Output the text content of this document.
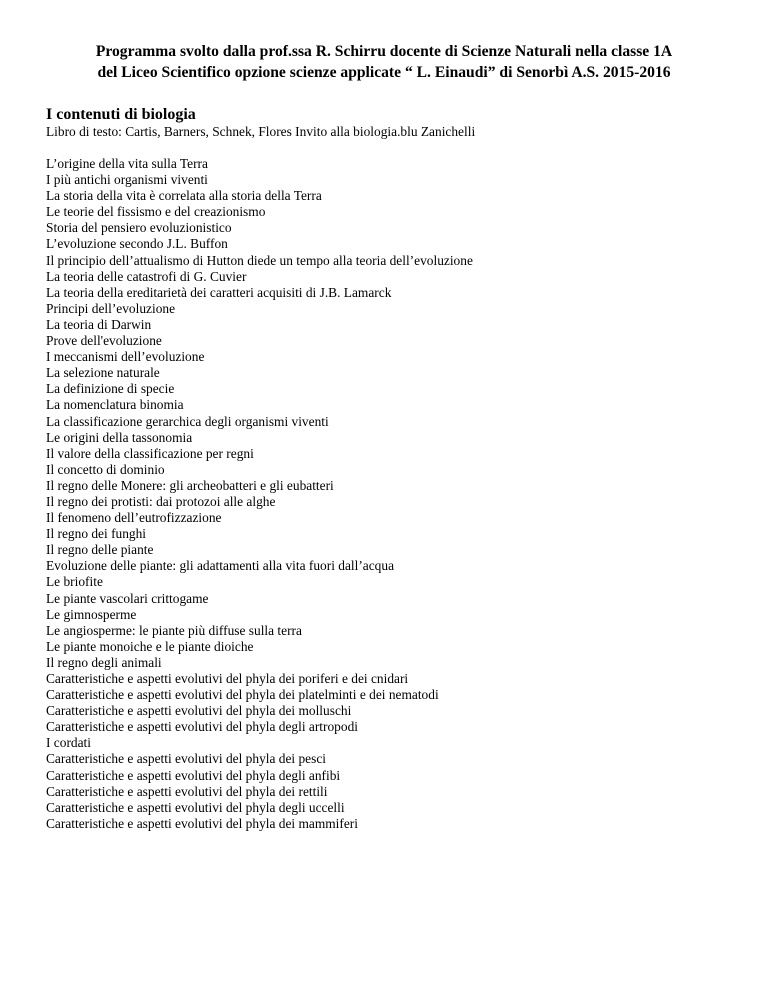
Programma svolto dalla prof.ssa R. Schirru docente di Scienze Naturali nella classe 1A
del Liceo Scientifico opzione scienze applicate “ L. Einaudi” di Senorbì A.S. 2015-2016
I contenuti di biologia

Libro di testo: Cartis, Barners, Schnek, Flores Invito alla biologia.blu Zanichelli

L’origine della vita sulla Terra
I più antichi organismi viventi
La storia della vita è correlata alla storia della Terra
Le teorie del fissismo e del creazionismo
Storia del pensiero evoluzionistico
L’evoluzione secondo J.L. Buffon
Il principio dell’attualismo di Hutton diede un tempo alla teoria dell’evoluzione
La teoria delle catastrofi di G. Cuvier
La teoria della ereditarietà dei caratteri acquisiti di J.B. Lamarck
Principi dell’evoluzione
La teoria di Darwin
Prove dell'evoluzione
I meccanismi dell’evoluzione
La selezione naturale
La definizione di specie
La nomenclatura binomia
La classificazione gerarchica degli organismi viventi
Le origini della tassonomia
Il valore della classificazione per regni
Il concetto di dominio
Il regno delle Monere: gli archeobatteri e gli eubatteri
Il regno dei protisti: dai protozoi alle alghe
Il fenomeno dell’eutrofizzazione
Il regno dei funghi
Il regno delle piante
Evoluzione delle piante: gli adattamenti alla vita fuori dall’acqua
Le briofite
Le piante vascolari crittogame
Le gimnosperme
Le angiosperme: le piante più diffuse sulla terra
Le piante monoiche e le piante dioiche
Il regno degli animali
Caratteristiche e aspetti evolutivi del phyla dei poriferi e dei cnidari
Caratteristiche e aspetti evolutivi del phyla dei platelminti e dei nematodi
Caratteristiche e aspetti evolutivi del phyla dei molluschi
Caratteristiche e aspetti evolutivi del phyla degli artropodi
I cordati
Caratteristiche e aspetti evolutivi del phyla dei pesci
Caratteristiche e aspetti evolutivi del phyla degli anfibi
Caratteristiche e aspetti evolutivi del phyla dei rettili
Caratteristiche e aspetti evolutivi del phyla degli uccelli
Caratteristiche e aspetti evolutivi del phyla dei mammiferi
